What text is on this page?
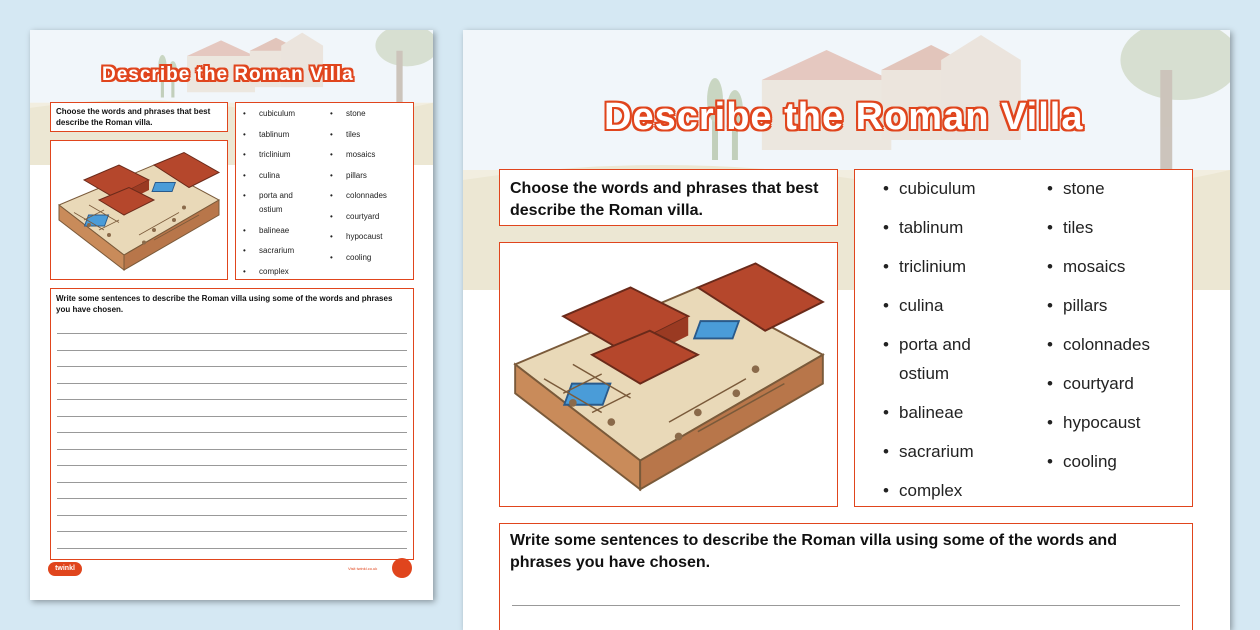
Describe the Roman Villa
Choose the words and phrases that best describe the Roman villa.
• cubiculum
• tablinum
• triclinium
• culina
• porta and ostium
• balineae
• sacrarium
• complex
• stone
• tiles
• mosaics
• pillars
• colonnades
• courtyard
• hypocaust
• cooling
Write some sentences to describe the Roman villa using some of the words and phrases you have chosen.
twinkl	Visit twinkl.co.uk
Describe the Roman Villa
Choose the words and phrases that best describe the Roman villa.
• cubiculum
• tablinum
• triclinium
• culina
• porta and ostium
• balineae
• sacrarium
• complex
• stone
• tiles
• mosaics
• pillars
• colonnades
• courtyard
• hypocaust
• cooling
Write some sentences to describe the Roman villa using some of the words and phrases you have chosen.
